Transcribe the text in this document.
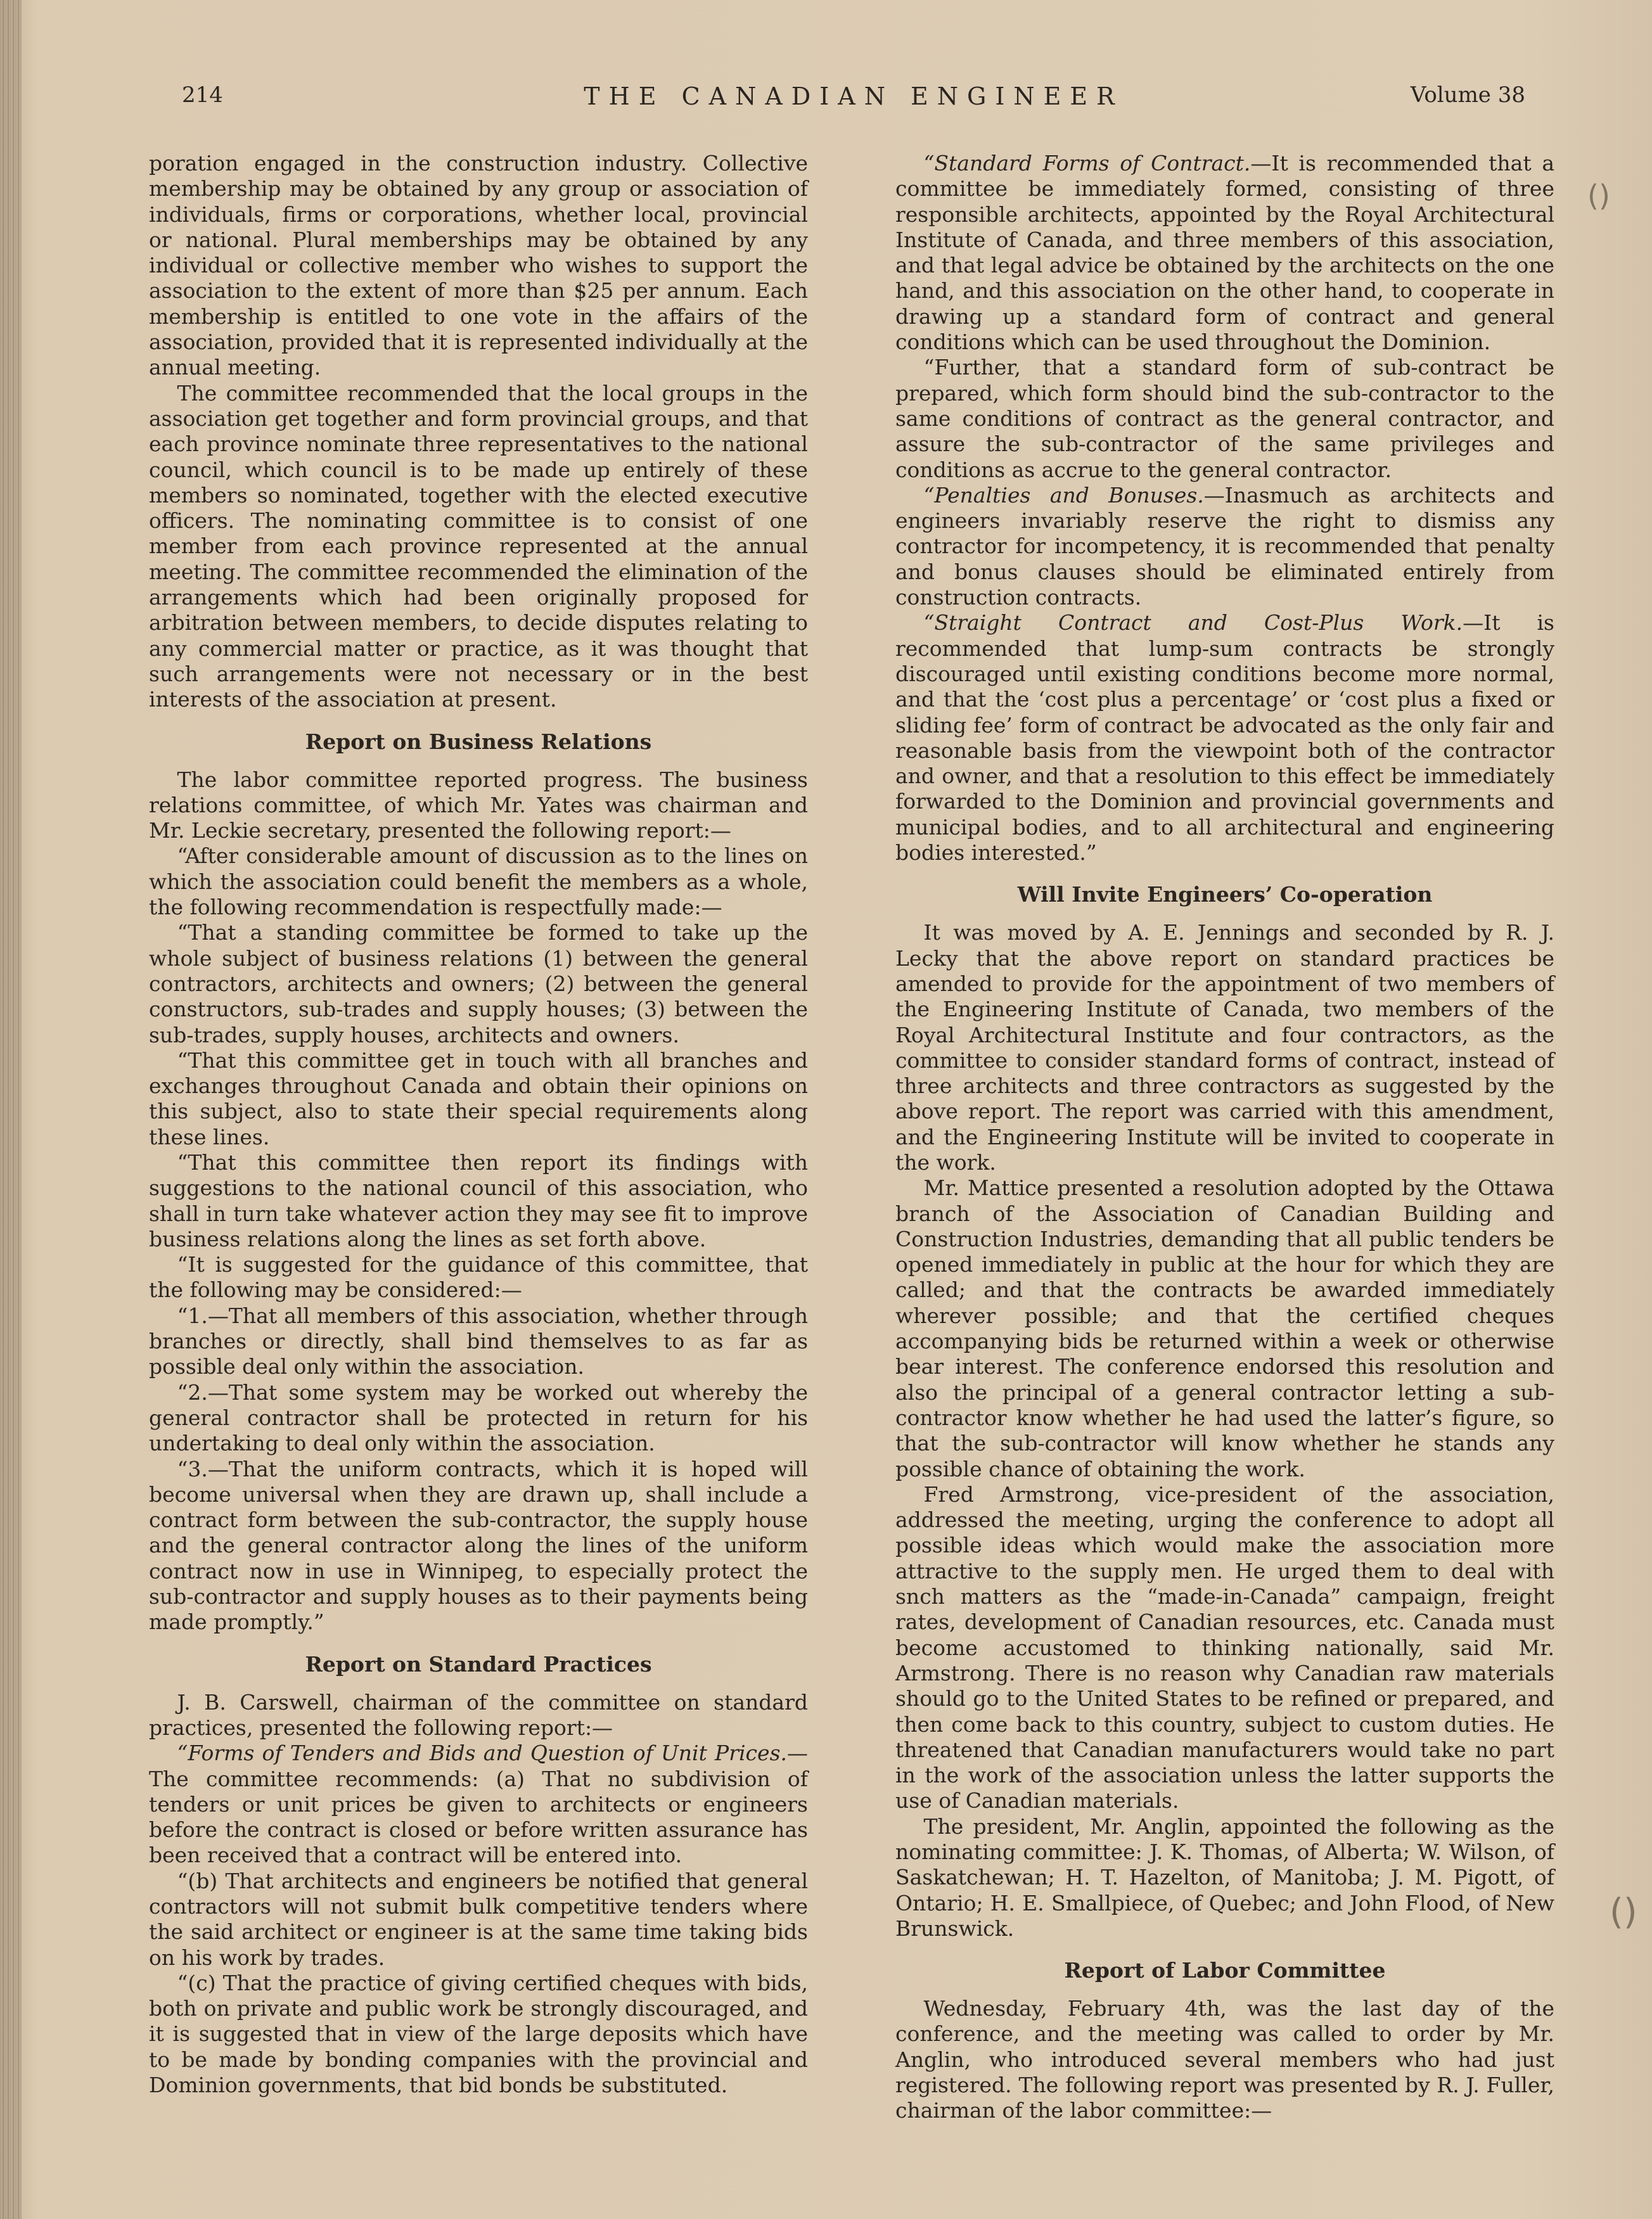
214	THE CANADIAN ENGINEER	Volume 38

poration engaged in the construction industry. Collective membership may be obtained by any group or association of individuals, firms or corporations, whether local, provincial or national. Plural memberships may be obtained by any individual or collective member who wishes to support the association to the extent of more than $25 per annum. Each membership is entitled to one vote in the affairs of the association, provided that it is represented individually at the annual meeting.

The committee recommended that the local groups in the association get together and form provincial groups, and that each province nominate three representatives to the national council, which council is to be made up entirely of these members so nominated, together with the elected executive officers. The nominating committee is to consist of one member from each province represented at the annual meeting. The committee recommended the elimination of the arrangements which had been originally proposed for arbitration between members, to decide disputes relating to any commercial matter or practice, as it was thought that such arrangements were not necessary or in the best interests of the association at present.

Report on Business Relations

The labor committee reported progress. The business relations committee, of which Mr. Yates was chairman and Mr. Leckie secretary, presented the following report:—

“After considerable amount of discussion as to the lines on which the association could benefit the members as a whole, the following recommendation is respectfully made:—

“That a standing committee be formed to take up the whole subject of business relations (1) between the general contractors, architects and owners; (2) between the general constructors, sub-trades and supply houses; (3) between the sub-trades, supply houses, architects and owners.

“That this committee get in touch with all branches and exchanges throughout Canada and obtain their opinions on this subject, also to state their special requirements along these lines.

“That this committee then report its findings with suggestions to the national council of this association, who shall in turn take whatever action they may see fit to improve business relations along the lines as set forth above.

“It is suggested for the guidance of this committee, that the following may be considered:—

“1.—That all members of this association, whether through branches or directly, shall bind themselves to as far as possible deal only within the association.

“2.—That some system may be worked out whereby the general contractor shall be protected in return for his undertaking to deal only within the association.

“3.—That the uniform contracts, which it is hoped will become universal when they are drawn up, shall include a contract form between the sub-contractor, the supply house and the general contractor along the lines of the uniform contract now in use in Winnipeg, to especially protect the sub-contractor and supply houses as to their payments being made promptly.”

Report on Standard Practices

J. B. Carswell, chairman of the committee on standard practices, presented the following report:—

“Forms of Tenders and Bids and Question of Unit Prices.—The committee recommends: (a) That no subdivision of tenders or unit prices be given to architects or engineers before the contract is closed or before written assurance has been received that a contract will be entered into.

“(b) That architects and engineers be notified that general contractors will not submit bulk competitive tenders where the said architect or engineer is at the same time taking bids on his work by trades.

“(c) That the practice of giving certified cheques with bids, both on private and public work be strongly discouraged, and it is suggested that in view of the large deposits which have to be made by bonding companies with the provincial and Dominion governments, that bid bonds be substituted.

“Standard Forms of Contract.—It is recommended that a committee be immediately formed, consisting of three responsible architects, appointed by the Royal Architectural Institute of Canada, and three members of this association, and that legal advice be obtained by the architects on the one hand, and this association on the other hand, to cooperate in drawing up a standard form of contract and general conditions which can be used throughout the Dominion.

“Further, that a standard form of sub-contract be prepared, which form should bind the sub-contractor to the same conditions of contract as the general contractor, and assure the sub-contractor of the same privileges and conditions as accrue to the general contractor.

“Penalties and Bonuses.—Inasmuch as architects and engineers invariably reserve the right to dismiss any contractor for incompetency, it is recommended that penalty and bonus clauses should be eliminated entirely from construction contracts.

“Straight Contract and Cost-Plus Work.—It is recommended that lump-sum contracts be strongly discouraged until existing conditions become more normal, and that the ‘cost plus a percentage’ or ‘cost plus a fixed or sliding fee’ form of contract be advocated as the only fair and reasonable basis from the viewpoint both of the contractor and owner, and that a resolution to this effect be immediately forwarded to the Dominion and provincial governments and municipal bodies, and to all architectural and engineering bodies interested.”

Will Invite Engineers’ Co-operation

It was moved by A. E. Jennings and seconded by R. J. Lecky that the above report on standard practices be amended to provide for the appointment of two members of the Engineering Institute of Canada, two members of the Royal Architectural Institute and four contractors, as the committee to consider standard forms of contract, instead of three architects and three contractors as suggested by the above report. The report was carried with this amendment, and the Engineering Institute will be invited to cooperate in the work.

Mr. Mattice presented a resolution adopted by the Ottawa branch of the Association of Canadian Building and Construction Industries, demanding that all public tenders be opened immediately in public at the hour for which they are called; and that the contracts be awarded immediately wherever possible; and that the certified cheques accompanying bids be returned within a week or otherwise bear interest. The conference endorsed this resolution and also the principal of a general contractor letting a sub-contractor know whether he had used the latter’s figure, so that the sub-contractor will know whether he stands any possible chance of obtaining the work.

Fred Armstrong, vice-president of the association, addressed the meeting, urging the conference to adopt all possible ideas which would make the association more attractive to the supply men. He urged them to deal with snch matters as the “made-in-Canada” campaign, freight rates, development of Canadian resources, etc. Canada must become accustomed to thinking nationally, said Mr. Armstrong. There is no reason why Canadian raw materials should go to the United States to be refined or prepared, and then come back to this country, subject to custom duties. He threatened that Canadian manufacturers would take no part in the work of the association unless the latter supports the use of Canadian materials.

The president, Mr. Anglin, appointed the following as the nominating committee: J. K. Thomas, of Alberta; W. Wilson, of Saskatchewan; H. T. Hazelton, of Manitoba; J. M. Pigott, of Ontario; H. E. Smallpiece, of Quebec; and John Flood, of New Brunswick.

Report of Labor Committee

Wednesday, February 4th, was the last day of the conference, and the meeting was called to order by Mr. Anglin, who introduced several members who had just registered. The following report was presented by R. J. Fuller, chairman of the labor committee:—

()
()
